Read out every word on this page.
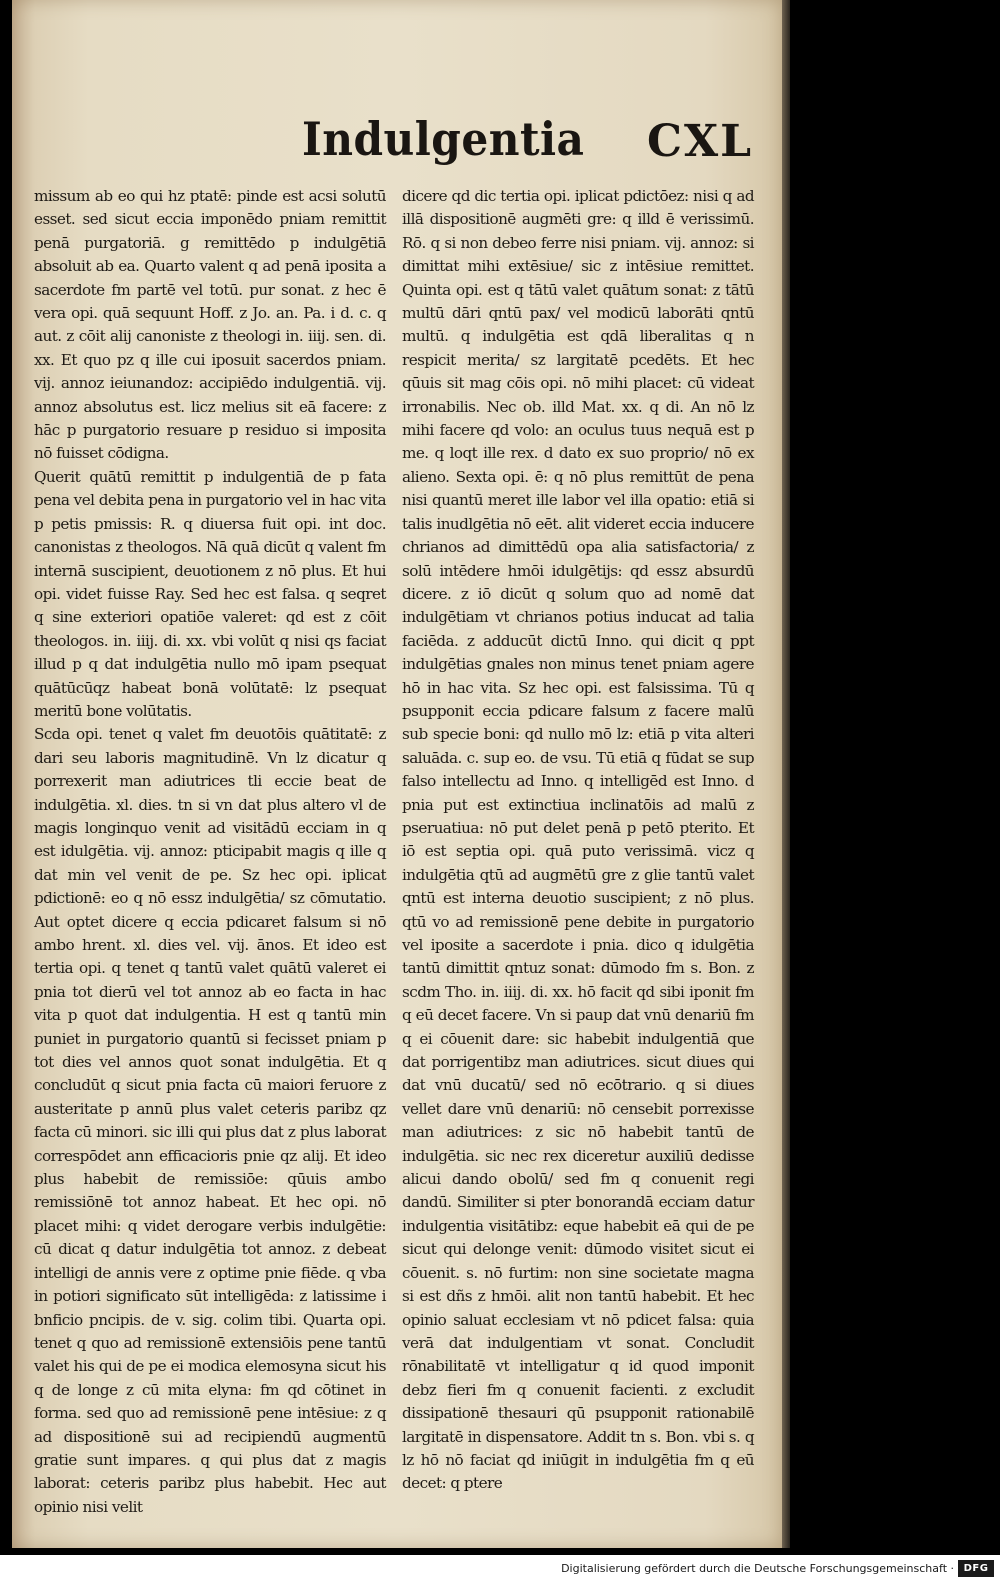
Indulgentia CXL

missum ab eo qui hz ptatē: pinde est acsi solutū esset. sed sicut eccia imponēdo pniam remittit penā purgatoriā. g remittēdo p indulgētiā absoluit ab ea. Quarto valent q ad penā iposita a sacerdote fm partē vel totū. pur sonat. z hec ē vera opi. quā sequunt Hoff. z Jo. an. Pa. i d. c. q aut. z cōit alij canoniste z theologi in. iiij. sen. di. xx. Et quo pz q ille cui iposuit sacerdos pniam. vij. annoz ieiunandoz: accipiēdo indulgentiā. vij. annoz absolutus est. licz melius sit eā facere: z hāc p purgatorio resuare p residuo si imposita nō fuisset cōdigna.

Querit quātū remittit p indulgentiā de p fata pena vel debita pena in purgatorio vel in hac vita p petis pmissis: R. q diuersa fuit opi. int doc. canonistas z theologos. Nā quā dicūt q valent fm internā suscipient, deuotionem z nō plus. Et hui opi. videt fuisse Ray. Sed hec est falsa. q seqret q sine exteriori opatiōe valeret: qd est z cōit theologos. in. iiij. di. xx. vbi volūt q nisi qs faciat illud p q dat indulgētia nullo mō ipam psequat quātūcūqz habeat bonā volūtatē: lz psequat meritū bone volūtatis.

Scda opi. tenet q valet fm deuotōis quātitatē: z dari seu laboris magnitudinē. Vn lz dicatur q porrexerit man adiutrices tli eccie beat de indulgētia. xl. dies. tn si vn dat plus altero vl de magis longinquo venit ad visitādū ecciam in q est idulgētia. vij. annoz: pticipabit magis q ille q dat min vel venit de pe. Sz hec opi. iplicat pdictionē: eo q nō essz indulgētia/ sz cōmutatio. Aut optet dicere q eccia pdicaret falsum si nō ambo hrent. xl. dies vel. vij. ānos. Et ideo est tertia opi. q tenet q tantū valet quātū valeret ei pnia tot dierū vel tot annoz ab eo facta in hac vita p quot dat indulgentia. H est q tantū min puniet in purgatorio quantū si fecisset pniam p tot dies vel annos quot sonat indulgētia. Et q concludūt q sicut pnia facta cū maiori feruore z austeritate p annū plus valet ceteris paribz qz facta cū minori. sic illi qui plus dat z plus laborat correspōdet ann efficacioris pnie qz alij. Et ideo plus habebit de remissiōe: qūuis ambo remissiōnē tot annoz habeat. Et hec opi. nō placet mihi: q videt derogare verbis indulgētie: cū dicat q datur indulgētia tot annoz. z debeat intelligi de annis vere z optime pnie fiēde. q vba in potiori significato sūt intelligēda: z latissime i bnficio pncipis. de v. sig. colim tibi. Quarta opi. tenet q quo ad remissionē extensiōis pene tantū valet his qui de pe ei modica elemosyna sicut his q de longe z cū mita elyna: fm qd cōtinet in forma. sed quo ad remissionē pene intēsiue: z q ad dispositionē sui ad recipiendū augmentū gratie sunt impares. q qui plus dat z magis laborat: ceteris paribz plus habebit. Hec aut opinio nisi velit

dicere qd dic tertia opi. iplicat pdictōez: nisi q ad illā dispositionē augmēti gre: q illd ē verissimū. Rō. q si non debeo ferre nisi pniam. vij. annoz: si dimittat mihi extēsiue/ sic z intēsiue remittet. Quinta opi. est q tātū valet quātum sonat: z tātū multū dāri qntū pax/ vel modicū laborāti qntū multū. q indulgētia est qdā liberalitas q n respicit merita/ sz largitatē pcedēts. Et hec qūuis sit mag cōis opi. nō mihi placet: cū videat irronabilis. Nec ob. illd Mat. xx. q di. An nō lz mihi facere qd volo: an oculus tuus nequā est p me. q loqt ille rex. d dato ex suo proprio/ nō ex alieno. Sexta opi. ē: q nō plus remittūt de pena nisi quantū meret ille labor vel illa opatio: etiā si talis inudlgētia nō eēt. alit videret eccia inducere chrianos ad dimittēdū opa alia satisfactoria/ z solū intēdere hmōi idulgētijs: qd essz absurdū dicere. z iō dicūt q solum quo ad nomē dat indulgētiam vt chrianos potius inducat ad talia faciēda. z adducūt dictū Inno. qui dicit q ppt indulgētias gnales non minus tenet pniam agere hō in hac vita. Sz hec opi. est falsissima. Tū q psupponit eccia pdicare falsum z facere malū sub specie boni: qd nullo mō lz: etiā p vita alteri saluāda. c. sup eo. de vsu. Tū etiā q fūdat se sup falso intellectu ad Inno. q intelligēd est Inno. d pnia put est extinctiua inclinatōis ad malū z pseruatiua: nō put delet penā p petō pterito. Et iō est septia opi. quā puto verissimā. vicz q indulgētia qtū ad augmētū gre z glie tantū valet qntū est interna deuotio suscipient; z nō plus. qtū vo ad remissionē pene debite in purgatorio vel iposite a sacerdote i pnia. dico q idulgētia tantū dimittit qntuz sonat: dūmodo fm s. Bon. z scdm Tho. in. iiij. di. xx. hō facit qd sibi iponit fm q eū decet facere. Vn si paup dat vnū denariū fm q ei cōuenit dare: sic habebit indulgentiā que dat porrigentibz man adiutrices. sicut diues qui dat vnū ducatū/ sed nō ecōtrario. q si diues vellet dare vnū denariū: nō censebit porrexisse man adiutrices: z sic nō habebit tantū de indulgētia. sic nec rex diceretur auxiliū dedisse alicui dando obolū/ sed fm q conuenit regi dandū. Similiter si pter bonorandā ecciam datur indulgentia visitātibz: eque habebit eā qui de pe sicut qui delonge venit: dūmodo visitet sicut ei cōuenit. s. nō furtim: non sine societate magna si est dñs z hmōi. alit non tantū habebit. Et hec opinio saluat ecclesiam vt nō pdicet falsa: quia verā dat indulgentiam vt sonat. Concludit rōnabilitatē vt intelligatur q id quod imponit debz fieri fm q conuenit facienti. z excludit dissipationē thesauri qū psupponit rationabilē largitatē in dispensatore. Addit tn s. Bon. vbi s. q lz hō nō faciat qd iniūgit in indulgētia fm q eū decet: q ptere

Digitalisierung gefördert durch die Deutsche Forschungsgemeinschaft · DFG
